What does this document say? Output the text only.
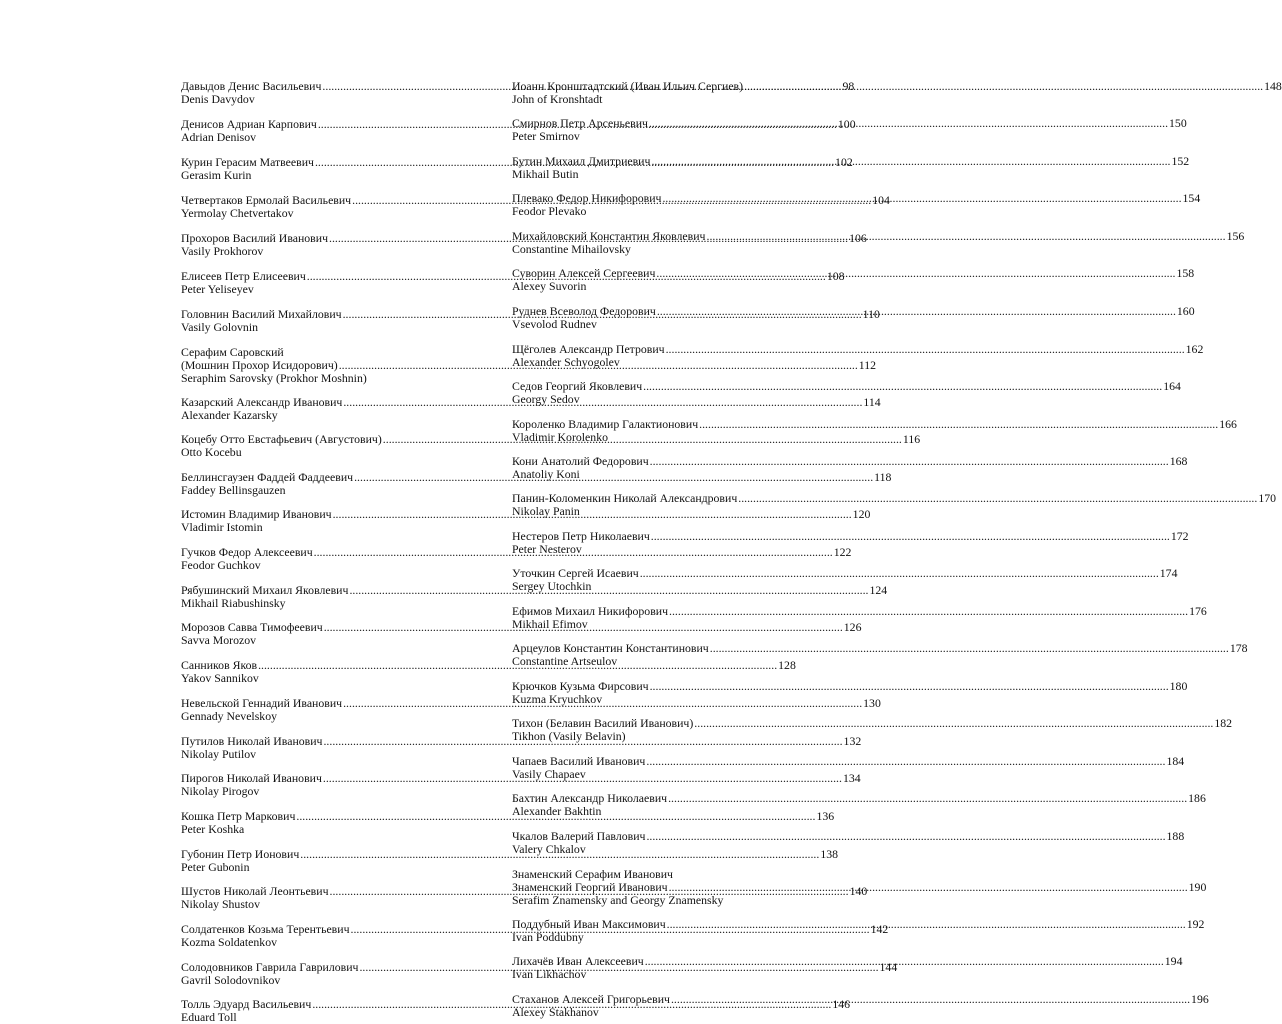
Давыдов Денис Васильевич .....	98
Denis Davydov
Денисов Адриан Карпович .....	100
Adrian Denisov
Курин Герасим Матвеевич .....	102
Gerasim Kurin
Четвертаков Ермолай Васильевич .....	104
Yermolay Chetvertakov
Прохоров Василий Иванович .....	106
Vasily Prokhorov
Елисеев Петр Елисеевич .....	108
Peter Yeliseyev
Головнин Василий Михайлович .....	110
Vasily Golovnin
Серафим Саровский
(Мошнин Прохор Исидорович) .....	112
Seraphim Sarovsky (Prokhor Moshnin)
Казарский Александр Иванович .....	114
Alexander Kazarsky
Коцебу Отто Евстафьевич (Августович) .....	116
Otto Kocebu
Беллинсгаузен Фаддей Фаддеевич .....	118
Faddey Bellinsgauzen
Истомин Владимир Иванович .....	120
Vladimir Istomin
Гучков Федор Алексеевич .....	122
Feodor Guchkov
Рябушинский Михаил Яковлевич .....	124
Mikhail Riabushinsky
Морозов Савва Тимофеевич .....	126
Savva Morozov
Санников Яков .....	128
Yakov Sannikov
Невельской Геннадий Иванович .....	130
Gennady Nevelskoy
Путилов Николай Иванович .....	132
Nikolay Putilov
Пирогов Николай Иванович .....	134
Nikolay Pirogov
Кошка Петр Маркович .....	136
Peter Koshka
Губонин Петр Ионович .....	138
Peter Gubonin
Шустов Николай Леонтьевич .....	140
Nikolay Shustov
Солдатенков Козьма Терентьевич .....	142
Kozma Soldatenkov
Солодовников Гаврила Гаврилович .....	144
Gavril Solodovnikov
Толль Эдуард Васильевич .....	146
Eduard Toll
Иоанн Кронштадтский (Иван Ильич Сергиев) .....	148
John of Kronshtadt
Смирнов Петр Арсеньевич .....	150
Peter Smirnov
Бутин Михаил Дмитриевич .....	152
Mikhail Butin
Плевако Федор Никифорович .....	154
Feodor Plevako
Михайловский Константин Яковлевич .....	156
Constantine Mihailovsky
Суворин Алексей Сергеевич .....	158
Alexey Suvorin
Руднев Всеволод Федорович .....	160
Vsevolod Rudnev
Щёголев Александр Петрович .....	162
Alexander Schyogolev
Седов Георгий Яковлевич .....	164
Georgy Sedov
Короленко Владимир Галактионович .....	166
Vladimir Korolenko
Кони Анатолий Федорович .....	168
Anatoliy Koni
Панин-Коломенкин Николай Александрович .....	170
Nikolay Panin
Нестеров Петр Николаевич .....	172
Peter Nesterov
Уточкин Сергей Исаевич .....	174
Sergey Utochkin
Ефимов Михаил Никифорович .....	176
Mikhail Efimov
Арцеулов Константин Константинович .....	178
Constantine Artseulov
Крючков Кузьма Фирсович .....	180
Kuzma Kryuchkov
Тихон (Белавин Василий Иванович) .....	182
Tikhon (Vasily Belavin)
Чапаев Василий Иванович .....	184
Vasily Chapaev
Бахтин Александр Николаевич .....	186
Alexander Bakhtin
Чкалов Валерий Павлович .....	188
Valery Chkalov
Знаменский Серафим Иванович
Знаменский Георгий Иванович .....	190
Serafim Znamensky and Georgy Znamensky
Поддубный Иван Максимович .....	192
Ivan Poddubny
Лихачёв Иван Алексеевич .....	194
Ivan Likhachov
Стаханов Алексей Григорьевич .....	196
Alexey Stakhanov
